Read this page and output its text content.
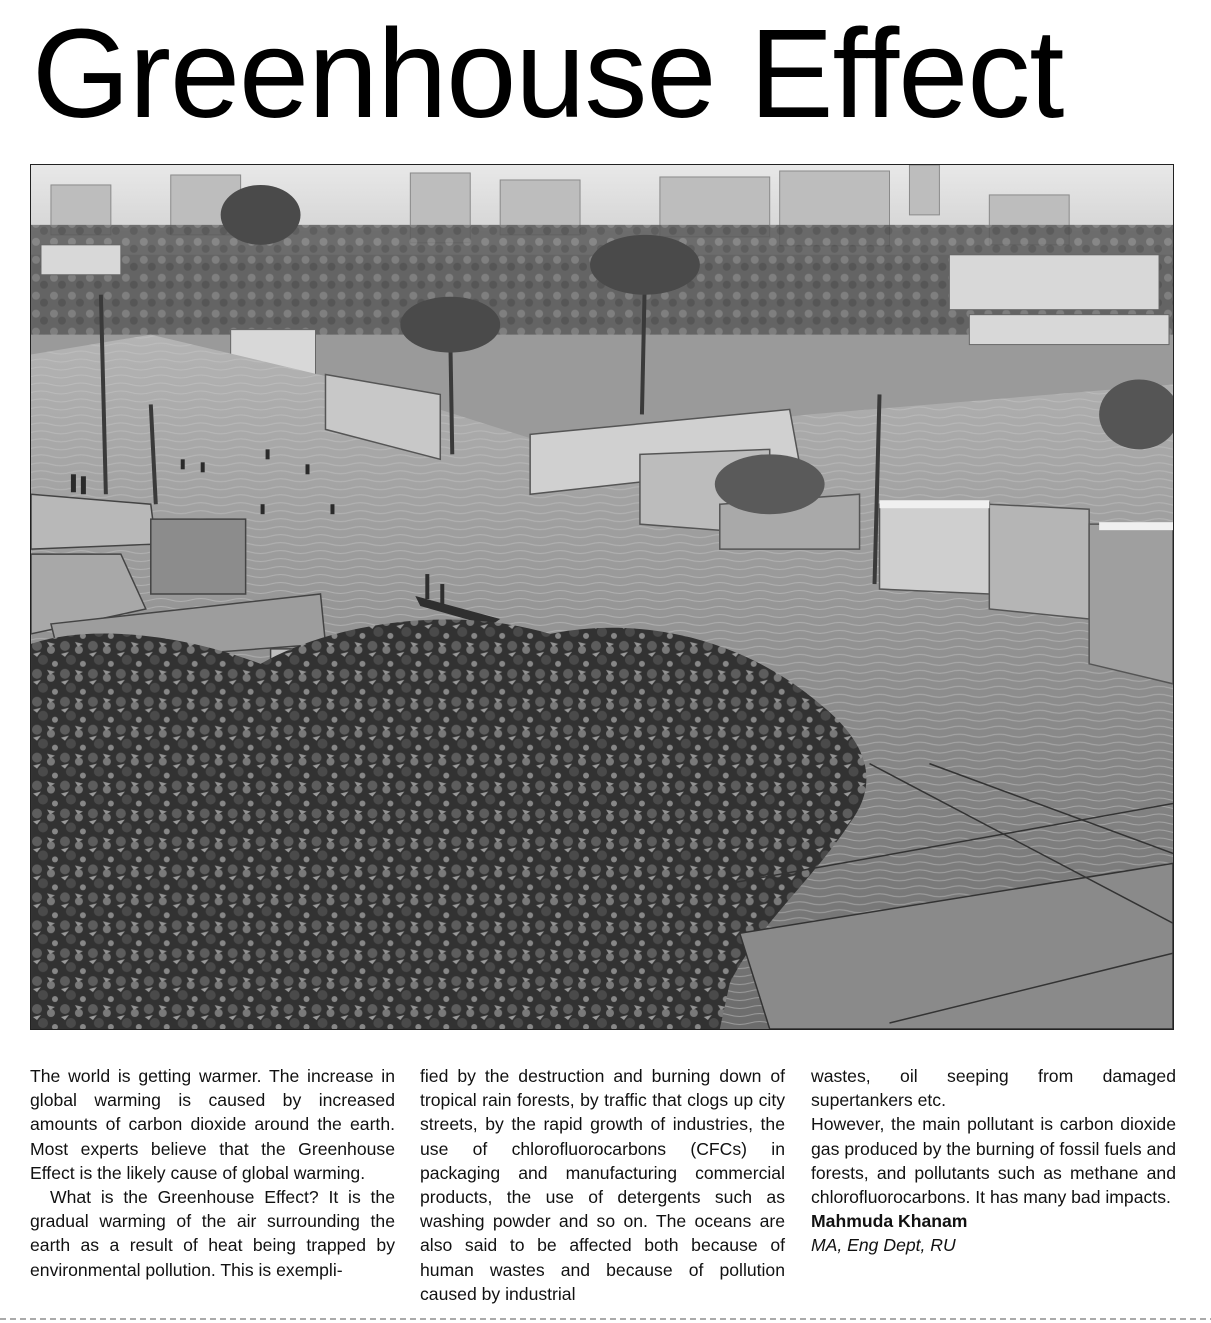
Greenhouse Effect

The world is getting warmer. The increase in global warming is caused by increased amounts of carbon dioxide around the earth. Most experts believe that the Greenhouse Effect is the likely cause of global warming.

What is the Greenhouse Effect? It is the gradual warming of the air surrounding the earth as a result of heat being trapped by environmental pollution. This is exempli-

fied by the destruction and burning down of tropical rain forests, by traffic that clogs up city streets, by the rapid growth of industries, the use of chlorofluorocarbons (CFCs) in packaging and manufacturing commercial products, the use of detergents such as washing powder and so on. The oceans are also said to be affected both because of human wastes and because of pollution caused by industrial

wastes, oil seeping from damaged supertankers etc.

However, the main pollutant is carbon dioxide gas produced by the burning of fossil fuels and forests, and pollutants such as methane and chlorofluorocarbons. It has many bad impacts.

Mahmuda Khanam

MA, Eng Dept, RU
